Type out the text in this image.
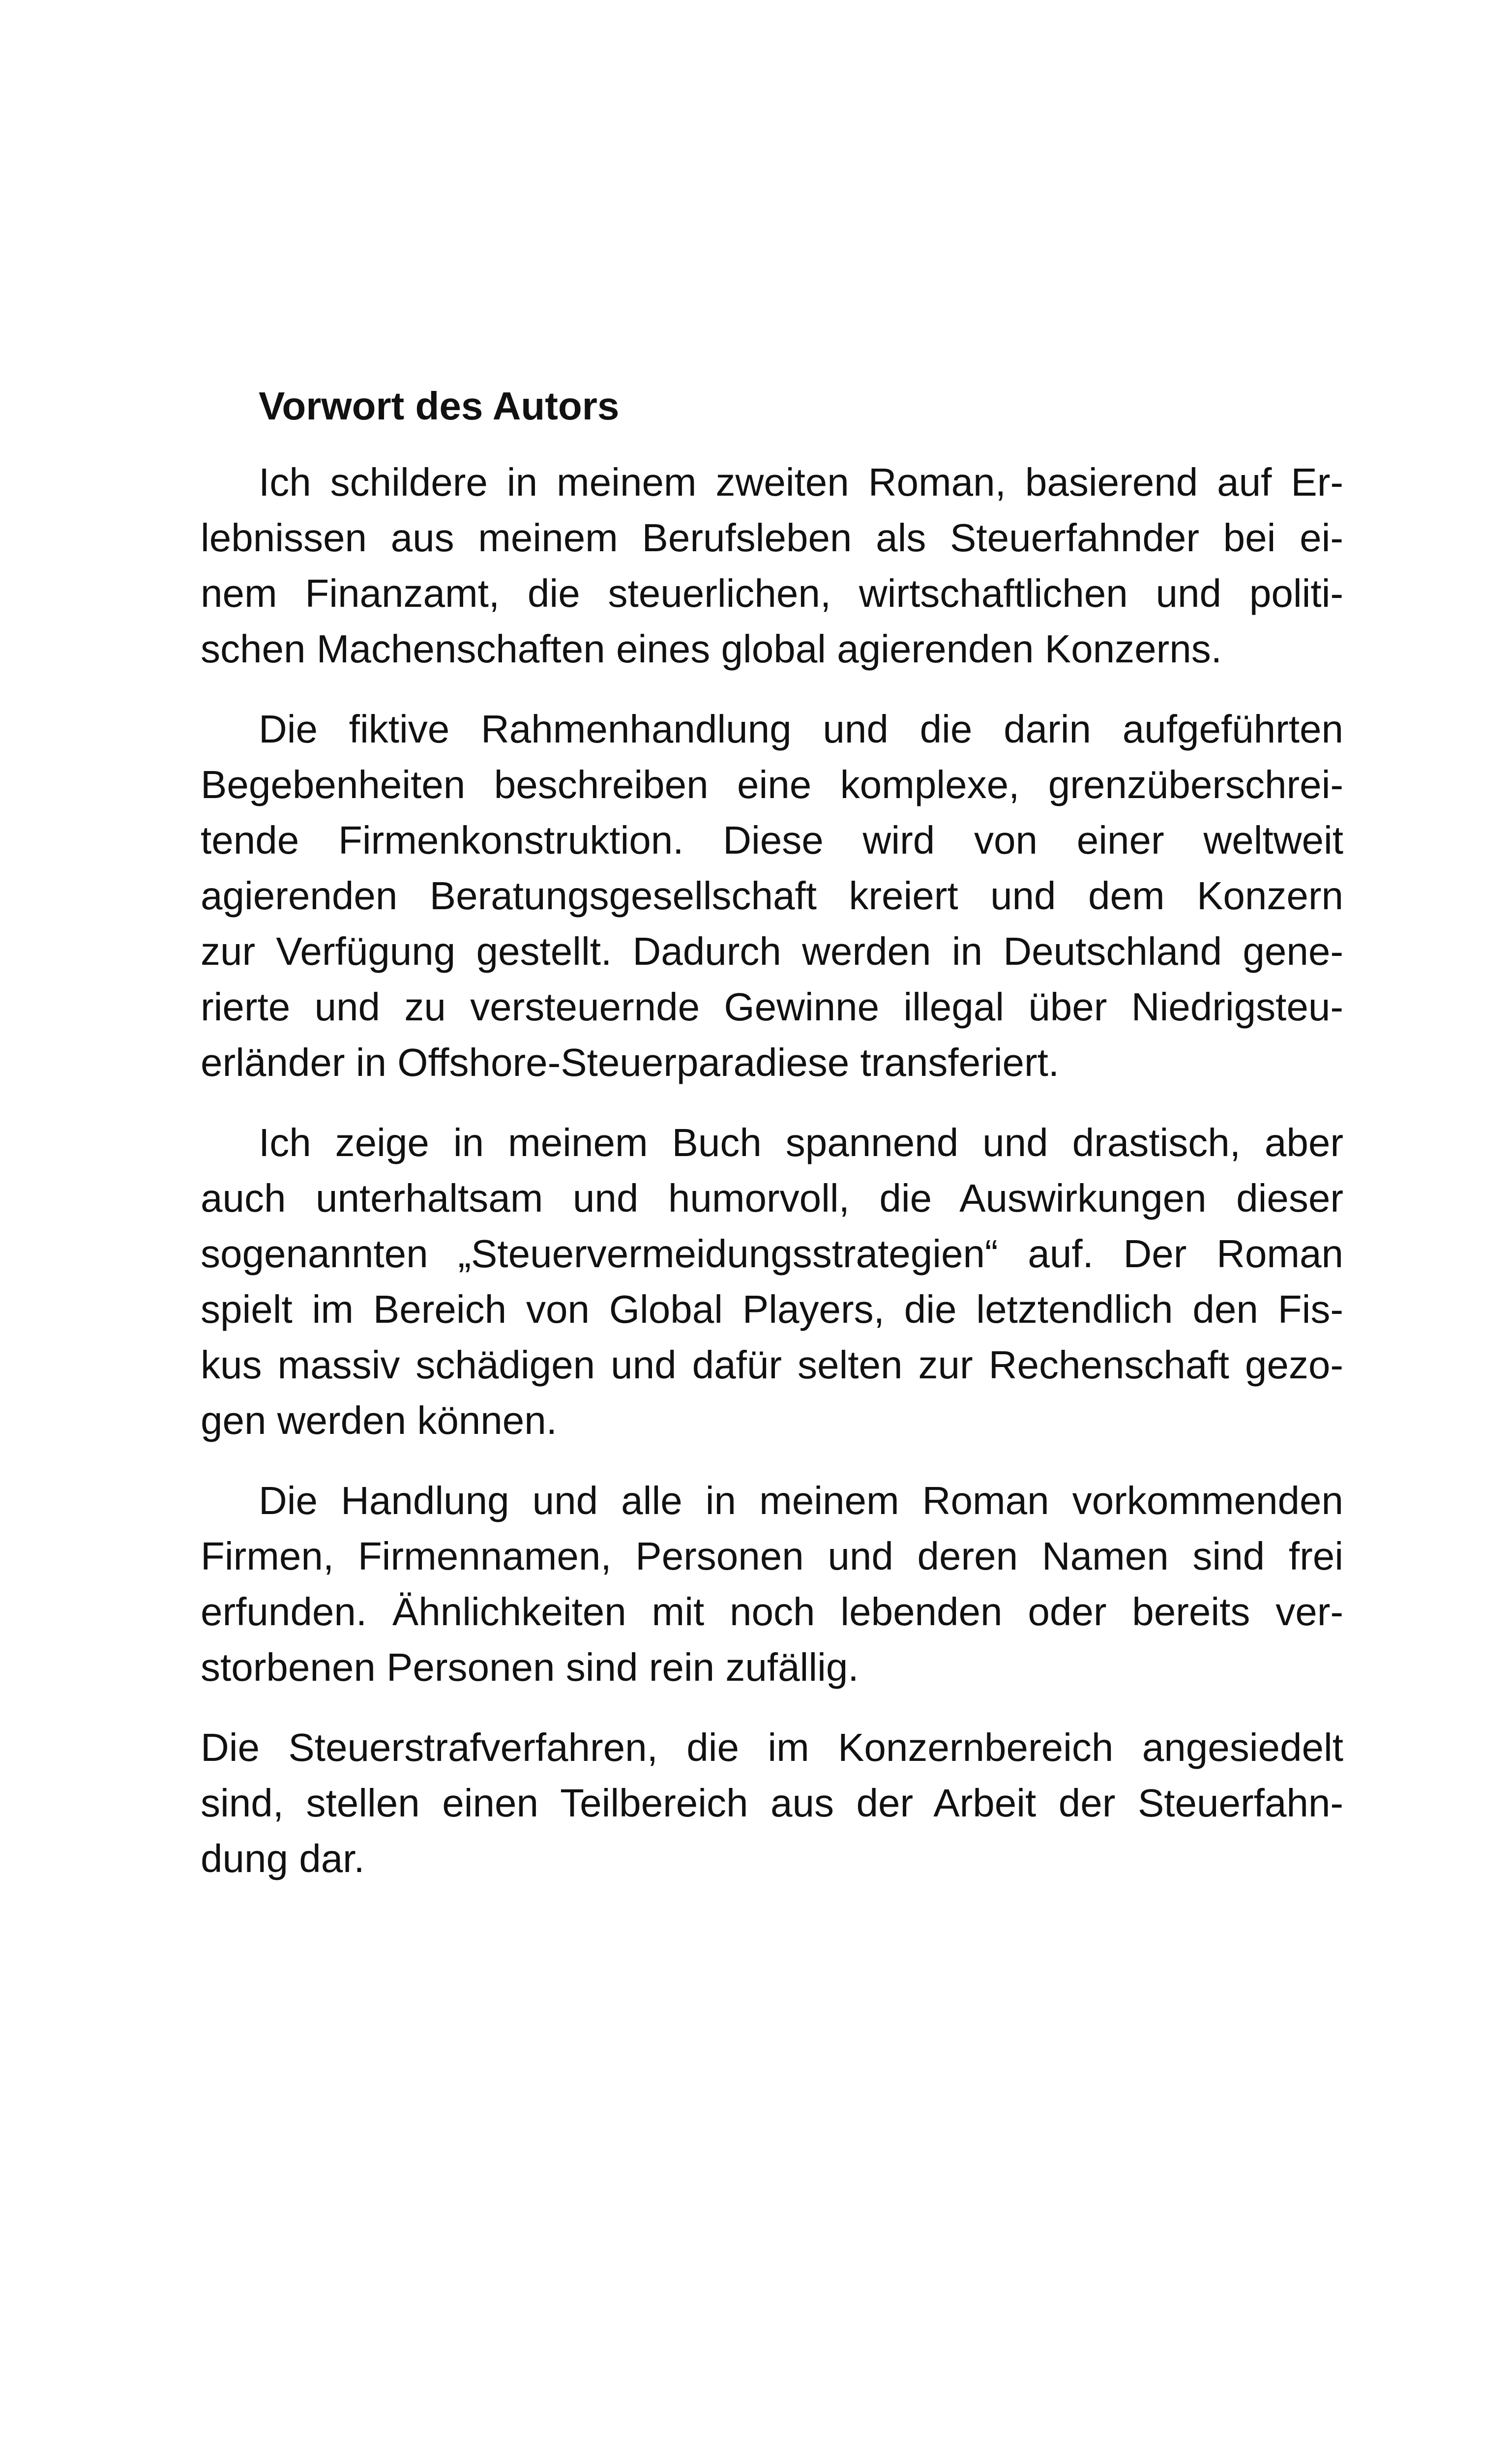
Vorwort des Autors
Ich schildere in meinem zweiten Roman, basierend auf Er-
lebnissen aus meinem Berufsleben als Steuerfahnder bei ei-
nem Finanzamt, die steuerlichen, wirtschaftlichen und politi-
schen Machenschaften eines global agierenden Konzerns.
Die fiktive Rahmenhandlung und die darin aufgeführten
Begebenheiten beschreiben eine komplexe, grenzüberschrei-
tende Firmenkonstruktion. Diese wird von einer weltweit
agierenden Beratungsgesellschaft kreiert und dem Konzern
zur Verfügung gestellt. Dadurch werden in Deutschland gene-
rierte und zu versteuernde Gewinne illegal über Niedrigsteu-
erländer in Offshore-Steuerparadiese transferiert.
Ich zeige in meinem Buch spannend und drastisch, aber
auch unterhaltsam und humorvoll, die Auswirkungen dieser
sogenannten „Steuervermeidungsstrategien“ auf. Der Roman
spielt im Bereich von Global Players, die letztendlich den Fis-
kus massiv schädigen und dafür selten zur Rechenschaft gezo-
gen werden können.
Die Handlung und alle in meinem Roman vorkommenden
Firmen, Firmennamen, Personen und deren Namen sind frei
erfunden. Ähnlichkeiten mit noch lebenden oder bereits ver-
storbenen Personen sind rein zufällig.
Die Steuerstrafverfahren, die im Konzernbereich angesiedelt
sind, stellen einen Teilbereich aus der Arbeit der Steuerfahn-
dung dar.
